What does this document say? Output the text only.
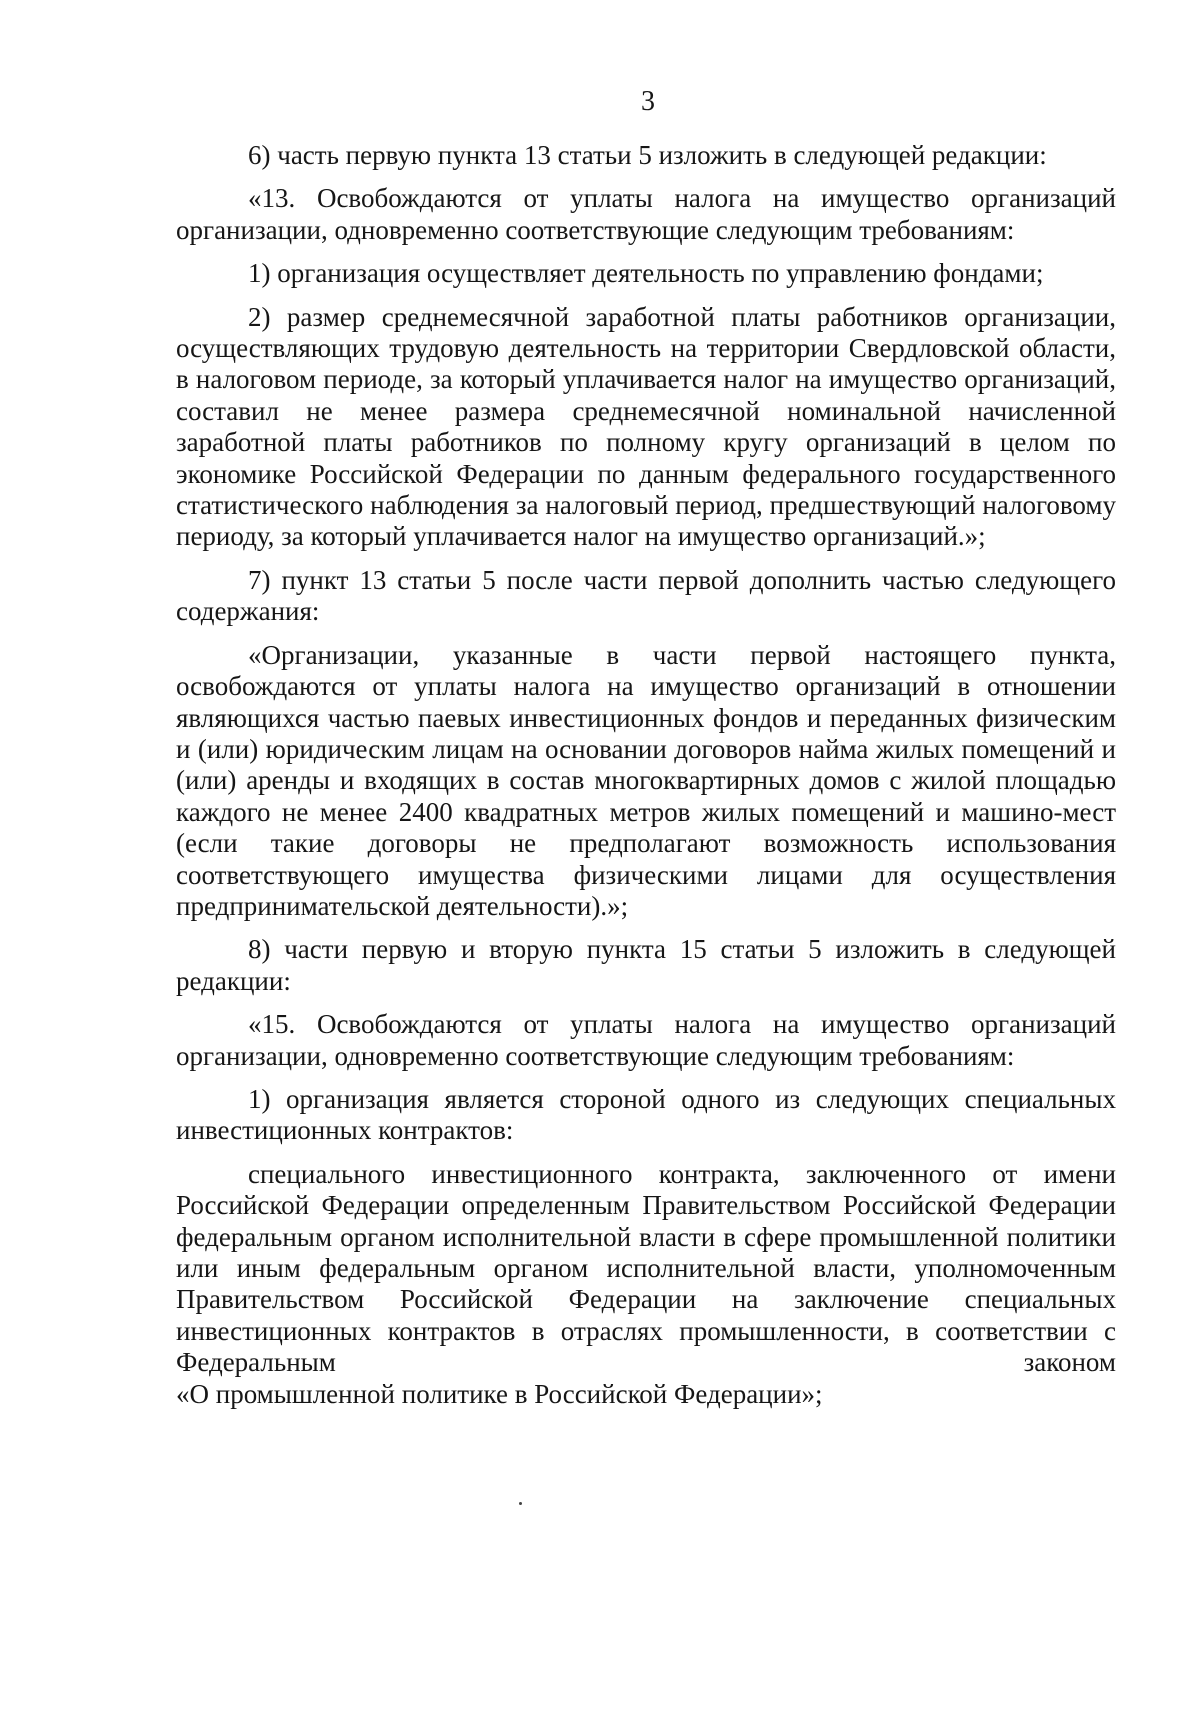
3

6) часть первую пункта 13 статьи 5 изложить в следующей редакции:

«13. Освобождаются от уплаты налога на имущество организаций организации, одновременно соответствующие следующим требованиям:

1) организация осуществляет деятельность по управлению фондами;

2) размер среднемесячной заработной платы работников организации, осуществляющих трудовую деятельность на территории Свердловской области, в налоговом периоде, за который уплачивается налог на имущество организаций, составил не менее размера среднемесячной номинальной начисленной заработной платы работников по полному кругу организаций в целом по экономике Российской Федерации по данным федерального государственного статистического наблюдения за налоговый период, предшествующий налоговому периоду, за который уплачивается налог на имущество организаций.»;

7) пункт 13 статьи 5 после части первой дополнить частью следующего содержания:

«Организации, указанные в части первой настоящего пункта, освобождаются от уплаты налога на имущество организаций в отношении являющихся частью паевых инвестиционных фондов и переданных физическим и (или) юридическим лицам на основании договоров найма жилых помещений и (или) аренды и входящих в состав многоквартирных домов с жилой площадью каждого не менее 2400 квадратных метров жилых помещений и машино-мест (если такие договоры не предполагают возможность использования соответствующего имущества физическими лицами для осуществления предпринимательской деятельности).»;

8) части первую и вторую пункта 15 статьи 5 изложить в следующей редакции:

«15. Освобождаются от уплаты налога на имущество организаций организации, одновременно соответствующие следующим требованиям:

1) организация является стороной одного из следующих специальных инвестиционных контрактов:

специального инвестиционного контракта, заключенного от имени Российской Федерации определенным Правительством Российской Федерации федеральным органом исполнительной власти в сфере промышленной политики или иным федеральным органом исполнительной власти, уполномоченным Правительством Российской Федерации на заключение специальных инвестиционных контрактов в отраслях промышленности, в соответствии с Федеральным законом

«О промышленной политике в Российской Федерации»;
